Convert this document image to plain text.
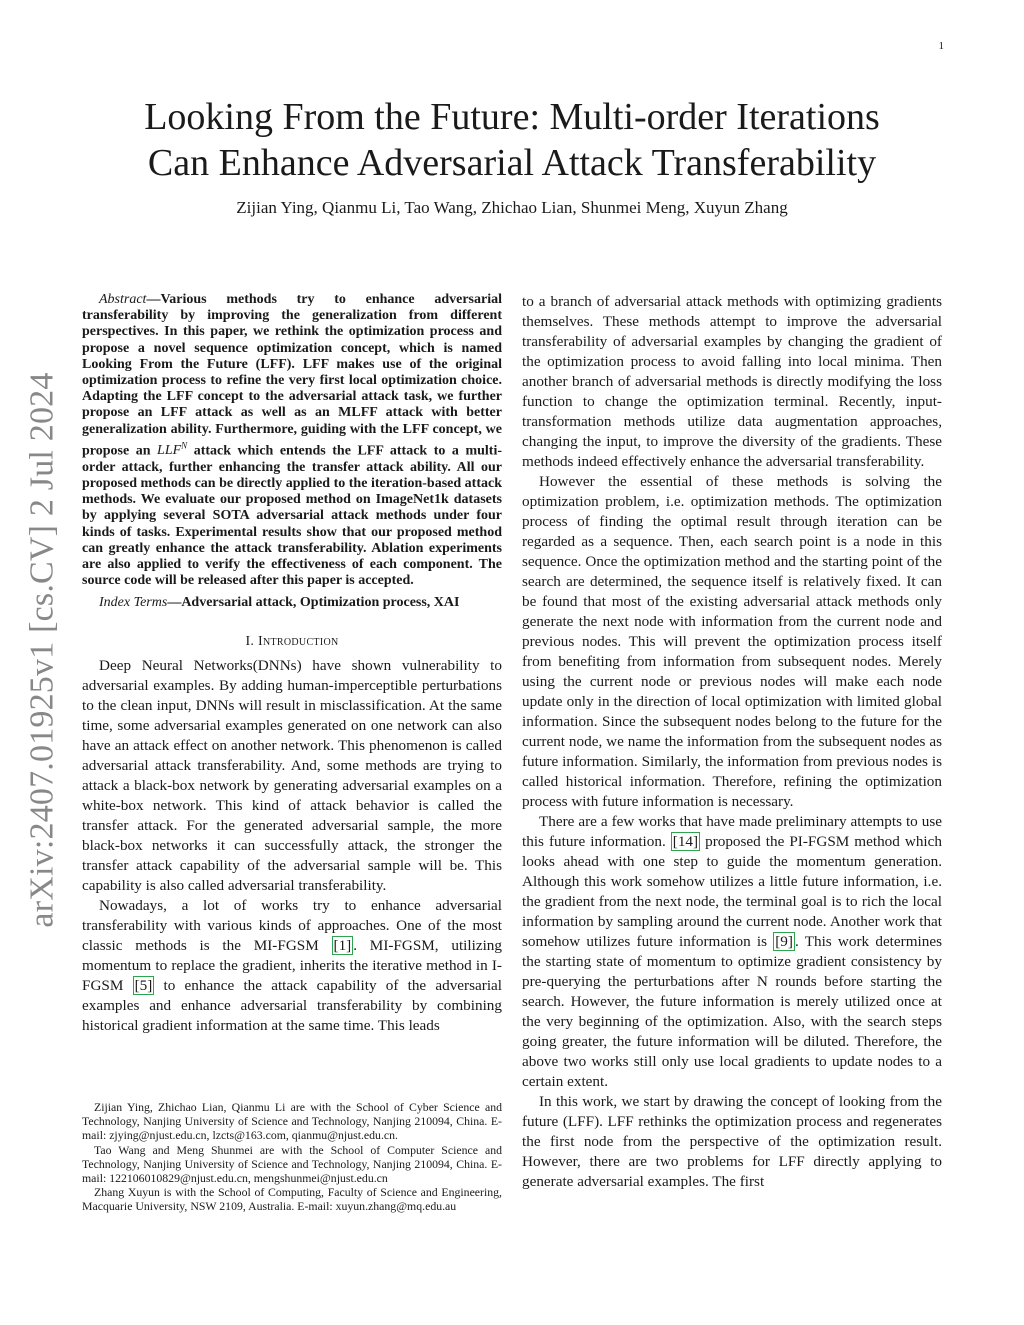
1
arXiv:2407.01925v1 [cs.CV] 2 Jul 2024
Looking From the Future: Multi-order Iterations
Can Enhance Adversarial Attack Transferability
Zijian Ying, Qianmu Li, Tao Wang, Zhichao Lian, Shunmei Meng, Xuyun Zhang

Abstract—Various methods try to enhance adversarial transferability by improving the generalization from different perspectives. In this paper, we rethink the optimization process and propose a novel sequence optimization concept, which is named Looking From the Future (LFF). LFF makes use of the original optimization process to refine the very first local optimization choice. Adapting the LFF concept to the adversarial attack task, we further propose an LFF attack as well as an MLFF attack with better generalization ability. Furthermore, guiding with the LFF concept, we propose an $LLF^N$ attack which entends the LFF attack to a multi-order attack, further enhancing the transfer attack ability. All our proposed methods can be directly applied to the iteration-based attack methods. We evaluate our proposed method on ImageNet1k datasets by applying several SOTA adversarial attack methods under four kinds of tasks. Experimental results show that our proposed method can greatly enhance the attack transferability. Ablation experiments are also applied to verify the effectiveness of each component. The source code will be released after this paper is accepted.

Index Terms—Adversarial attack, Optimization process, XAI

I. Introduction

Deep Neural Networks(DNNs) have shown vulnerability to adversarial examples. By adding human-imperceptible perturbations to the clean input, DNNs will result in misclassification. At the same time, some adversarial examples generated on one network can also have an attack effect on another network. This phenomenon is called adversarial attack transferability. And, some methods are trying to attack a black-box network by generating adversarial examples on a white-box network. This kind of attack behavior is called the transfer attack. For the generated adversarial sample, the more black-box networks it can successfully attack, the stronger the transfer attack capability of the adversarial sample will be. This capability is also called adversarial transferability.

Nowadays, a lot of works try to enhance adversarial transferability with various kinds of approaches. One of the most classic methods is the MI-FGSM [1] . MI-FGSM, utilizing momentum to replace the gradient, inherits the iterative method in I-FGSM [5] to enhance the attack capability of the adversarial examples and enhance adversarial transferability by combining historical gradient information at the same time. This leads

Zijian Ying, Zhichao Lian, Qianmu Li are with the School of Cyber Science and Technology, Nanjing University of Science and Technology, Nanjing 210094, China. E-mail: zjying@njust.edu.cn, lzcts@163.com, qianmu@njust.edu.cn.

Tao Wang and Meng Shunmei are with the School of Computer Science and Technology, Nanjing University of Science and Technology, Nanjing 210094, China. E-mail: 122106010829@njust.edu.cn, mengshunmei@njust.edu.cn

Zhang Xuyun is with the School of Computing, Faculty of Science and Engineering, Macquarie University, NSW 2109, Australia. E-mail: xuyun.zhang@mq.edu.au

to a branch of adversarial attack methods with optimizing gradients themselves. These methods attempt to improve the adversarial transferability of adversarial examples by changing the gradient of the optimization process to avoid falling into local minima. Then another branch of adversarial methods is directly modifying the loss function to change the optimization terminal. Recently, input-transformation methods utilize data augmentation approaches, changing the input, to improve the diversity of the gradients. These methods indeed effectively enhance the adversarial transferability.

However the essential of these methods is solving the optimization problem, i.e. optimization methods. The optimization process of finding the optimal result through iteration can be regarded as a sequence. Then, each search point is a node in this sequence. Once the optimization method and the starting point of the search are determined, the sequence itself is relatively fixed. It can be found that most of the existing adversarial attack methods only generate the next node with information from the current node and previous nodes. This will prevent the optimization process itself from benefiting from information from subsequent nodes. Merely using the current node or previous nodes will make each node update only in the direction of local optimization with limited global information. Since the subsequent nodes belong to the future for the current node, we name the information from the subsequent nodes as future information. Similarly, the information from previous nodes is called historical information. Therefore, refining the optimization process with future information is necessary.

There are a few works that have made preliminary attempts to use this future information. [14] proposed the PI-FGSM method which looks ahead with one step to guide the momentum generation. Although this work somehow utilizes a little future information, i.e. the gradient from the next node, the terminal goal is to rich the local information by sampling around the current node. Another work that somehow utilizes future information is [9] . This work determines the starting state of momentum to optimize gradient consistency by pre-querying the perturbations after N rounds before starting the search. However, the future information is merely utilized once at the very beginning of the optimization. Also, with the search steps going greater, the future information will be diluted. Therefore, the above two works still only use local gradients to update nodes to a certain extent.

In this work, we start by drawing the concept of looking from the future (LFF). LFF rethinks the optimization process and regenerates the first node from the perspective of the optimization result. However, there are two problems for LFF directly applying to generate adversarial examples. The first
